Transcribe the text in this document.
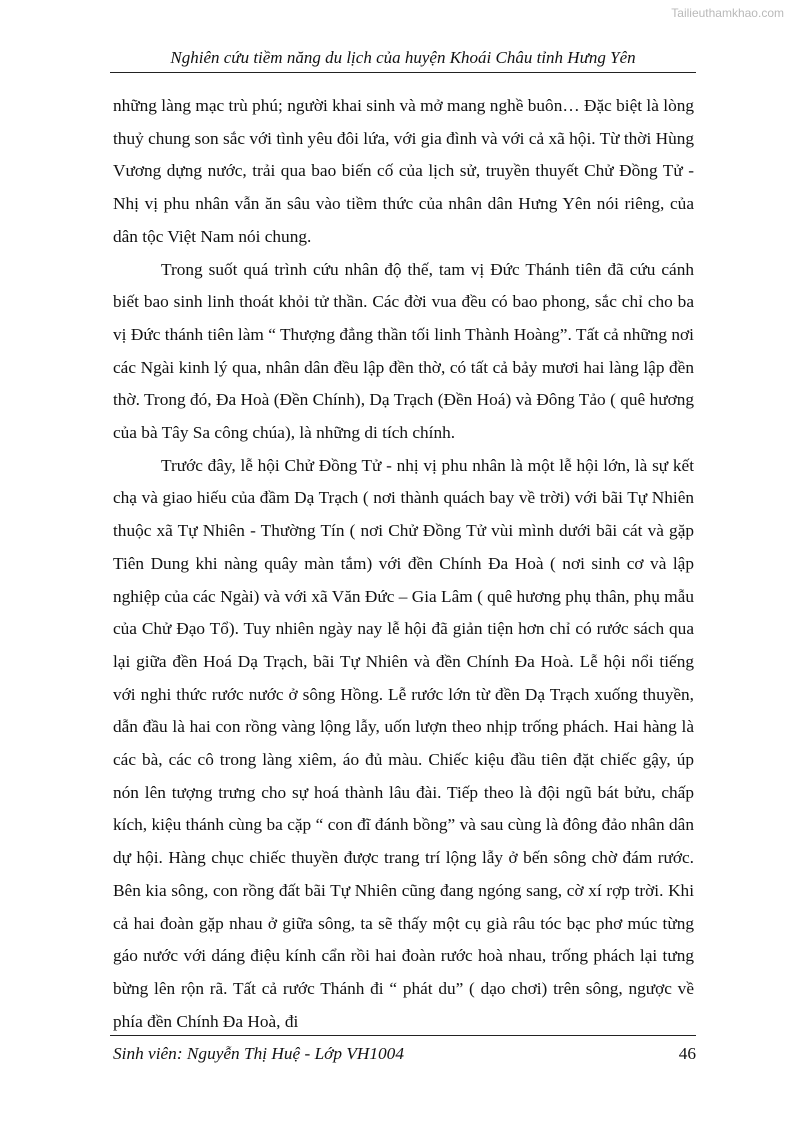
Tailieuthamkhao.com
Nghiên cứu tiềm năng du lịch của huyện Khoái Châu tỉnh Hưng Yên

những làng mạc trù phú; người khai sinh và mở mang nghề buôn… Đặc biệt là lòng thuỷ chung son sắc với tình yêu đôi lứa, với gia đình và với cả xã hội. Từ thời Hùng Vương dựng nước, trải qua bao biến cố của lịch sử, truyền thuyết Chử Đồng Tử - Nhị vị phu nhân vẫn ăn sâu vào tiềm thức của nhân dân Hưng Yên nói riêng, của dân tộc Việt Nam nói chung.

Trong suốt quá trình cứu nhân độ thế, tam vị Đức Thánh tiên đã cứu cánh biết bao sinh linh thoát khỏi tử thần. Các đời vua đều có bao phong, sắc chỉ cho ba vị Đức thánh tiên làm “ Thượng đẳng thần tối linh Thành Hoàng”. Tất cả những nơi các Ngài kinh lý qua, nhân dân đều lập đền thờ, có tất cả bảy mươi hai làng lập đền thờ. Trong đó, Đa Hoà (Đền Chính), Dạ Trạch (Đền Hoá) và Đông Tảo ( quê hương của bà Tây Sa công chúa), là những di tích chính.

Trước đây, lễ hội Chử Đồng Tử - nhị vị phu nhân là một lễ hội lớn, là sự kết chạ và giao hiếu của đầm Dạ Trạch ( nơi thành quách bay về trời) với bãi Tự Nhiên thuộc xã Tự Nhiên - Thường Tín ( nơi Chử Đồng Tử vùi mình dưới bãi cát và gặp Tiên Dung khi nàng quây màn tắm) với đền Chính Đa Hoà ( nơi sinh cơ và lập nghiệp của các Ngài) và với xã Văn Đức – Gia Lâm ( quê hương phụ thân, phụ mẫu của Chử Đạo Tổ). Tuy nhiên ngày nay lễ hội đã giản tiện hơn chỉ có rước sách qua lại giữa đền Hoá Dạ Trạch, bãi Tự Nhiên và đền Chính Đa Hoà. Lễ hội nổi tiếng với nghi thức rước nước ở sông Hồng. Lễ rước lớn từ đền Dạ Trạch xuống thuyền, dẫn đầu là hai con rồng vàng lộng lẫy, uốn lượn theo nhịp trống phách. Hai hàng là các bà, các cô trong làng xiêm, áo đủ màu. Chiếc kiệu đầu tiên đặt chiếc gậy, úp nón lên tượng trưng cho sự hoá thành lâu đài. Tiếp theo là đội ngũ bát bửu, chấp kích, kiệu thánh cùng ba cặp “ con đĩ đánh bồng” và sau cùng là đông đảo nhân dân dự hội. Hàng chục chiếc thuyền được trang trí lộng lẫy ở bến sông chờ đám rước. Bên kia sông, con rồng đất bãi Tự Nhiên cũng đang ngóng sang, cờ xí rợp trời. Khi cả hai đoàn gặp nhau ở giữa sông, ta sẽ thấy một cụ già râu tóc bạc phơ múc từng gáo nước với dáng điệu kính cẩn rồi hai đoàn rước hoà nhau, trống phách lại tưng bừng lên rộn rã. Tất cả rước Thánh đi “ phát du” ( dạo chơi) trên sông, ngược về phía đền Chính Đa Hoà, đi

Sinh viên: Nguyễn Thị Huệ - Lớp VH1004	46
